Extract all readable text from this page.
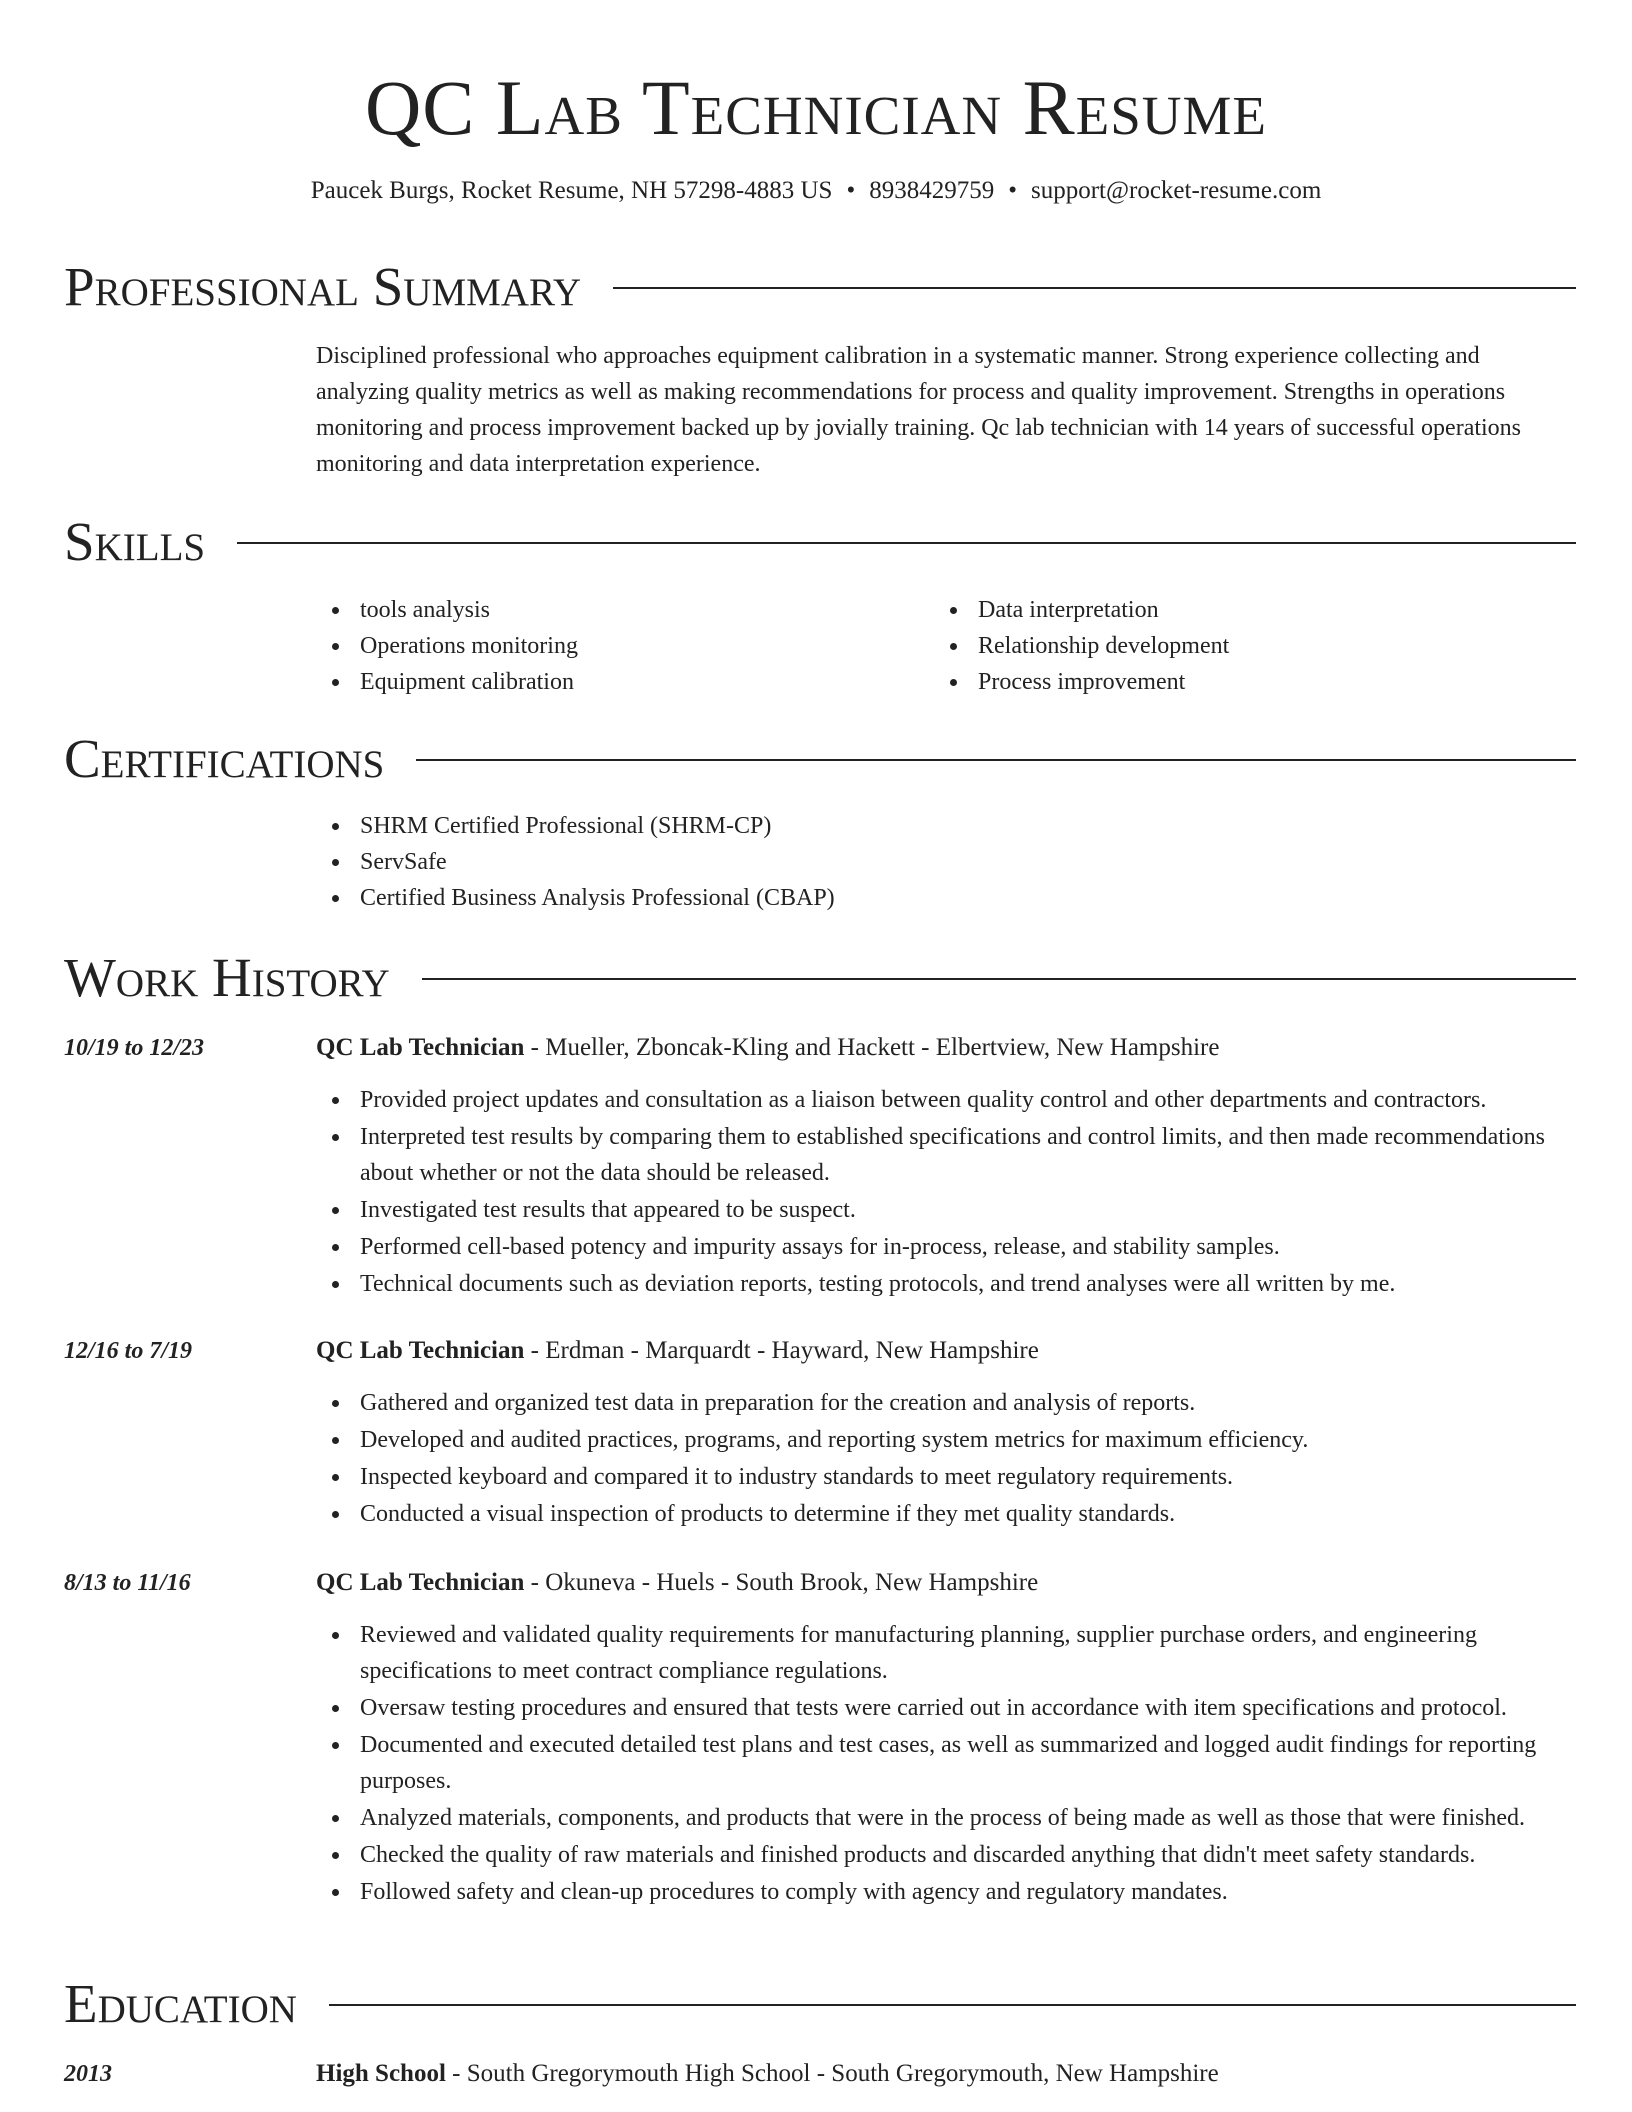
QC Lab Technician Resume
Paucek Burgs, Rocket Resume, NH 57298-4883 US • 8938429759 • support@rocket-resume.com
Professional Summary

Disciplined professional who approaches equipment calibration in a systematic manner. Strong experience collecting and analyzing quality metrics as well as making recommendations for process and quality improvement. Strengths in operations monitoring and process improvement backed up by jovially training. Qc lab technician with 14 years of successful operations monitoring and data interpretation experience.

Skills
tools analysis
Operations monitoring
Equipment calibration
Data interpretation
Relationship development
Process improvement
Certifications
SHRM Certified Professional (SHRM-CP)
ServSafe
Certified Business Analysis Professional (CBAP)
Work History
10/19 to 12/23	QC Lab Technician - Mueller, Zboncak-Kling and Hackett - Elbertview, New Hampshire
Provided project updates and consultation as a liaison between quality control and other departments and contractors.
Interpreted test results by comparing them to established specifications and control limits, and then made recommendations about whether or not the data should be released.
Investigated test results that appeared to be suspect.
Performed cell-based potency and impurity assays for in-process, release, and stability samples.
Technical documents such as deviation reports, testing protocols, and trend analyses were all written by me.
12/16 to 7/19	QC Lab Technician - Erdman - Marquardt - Hayward, New Hampshire
Gathered and organized test data in preparation for the creation and analysis of reports.
Developed and audited practices, programs, and reporting system metrics for maximum efficiency.
Inspected keyboard and compared it to industry standards to meet regulatory requirements.
Conducted a visual inspection of products to determine if they met quality standards.
8/13 to 11/16	QC Lab Technician - Okuneva - Huels - South Brook, New Hampshire
Reviewed and validated quality requirements for manufacturing planning, supplier purchase orders, and engineering specifications to meet contract compliance regulations.
Oversaw testing procedures and ensured that tests were carried out in accordance with item specifications and protocol.
Documented and executed detailed test plans and test cases, as well as summarized and logged audit findings for reporting purposes.
Analyzed materials, components, and products that were in the process of being made as well as those that were finished.
Checked the quality of raw materials and finished products and discarded anything that didn't meet safety standards.
Followed safety and clean-up procedures to comply with agency and regulatory mandates.
Education
2013	High School - South Gregorymouth High School - South Gregorymouth, New Hampshire
